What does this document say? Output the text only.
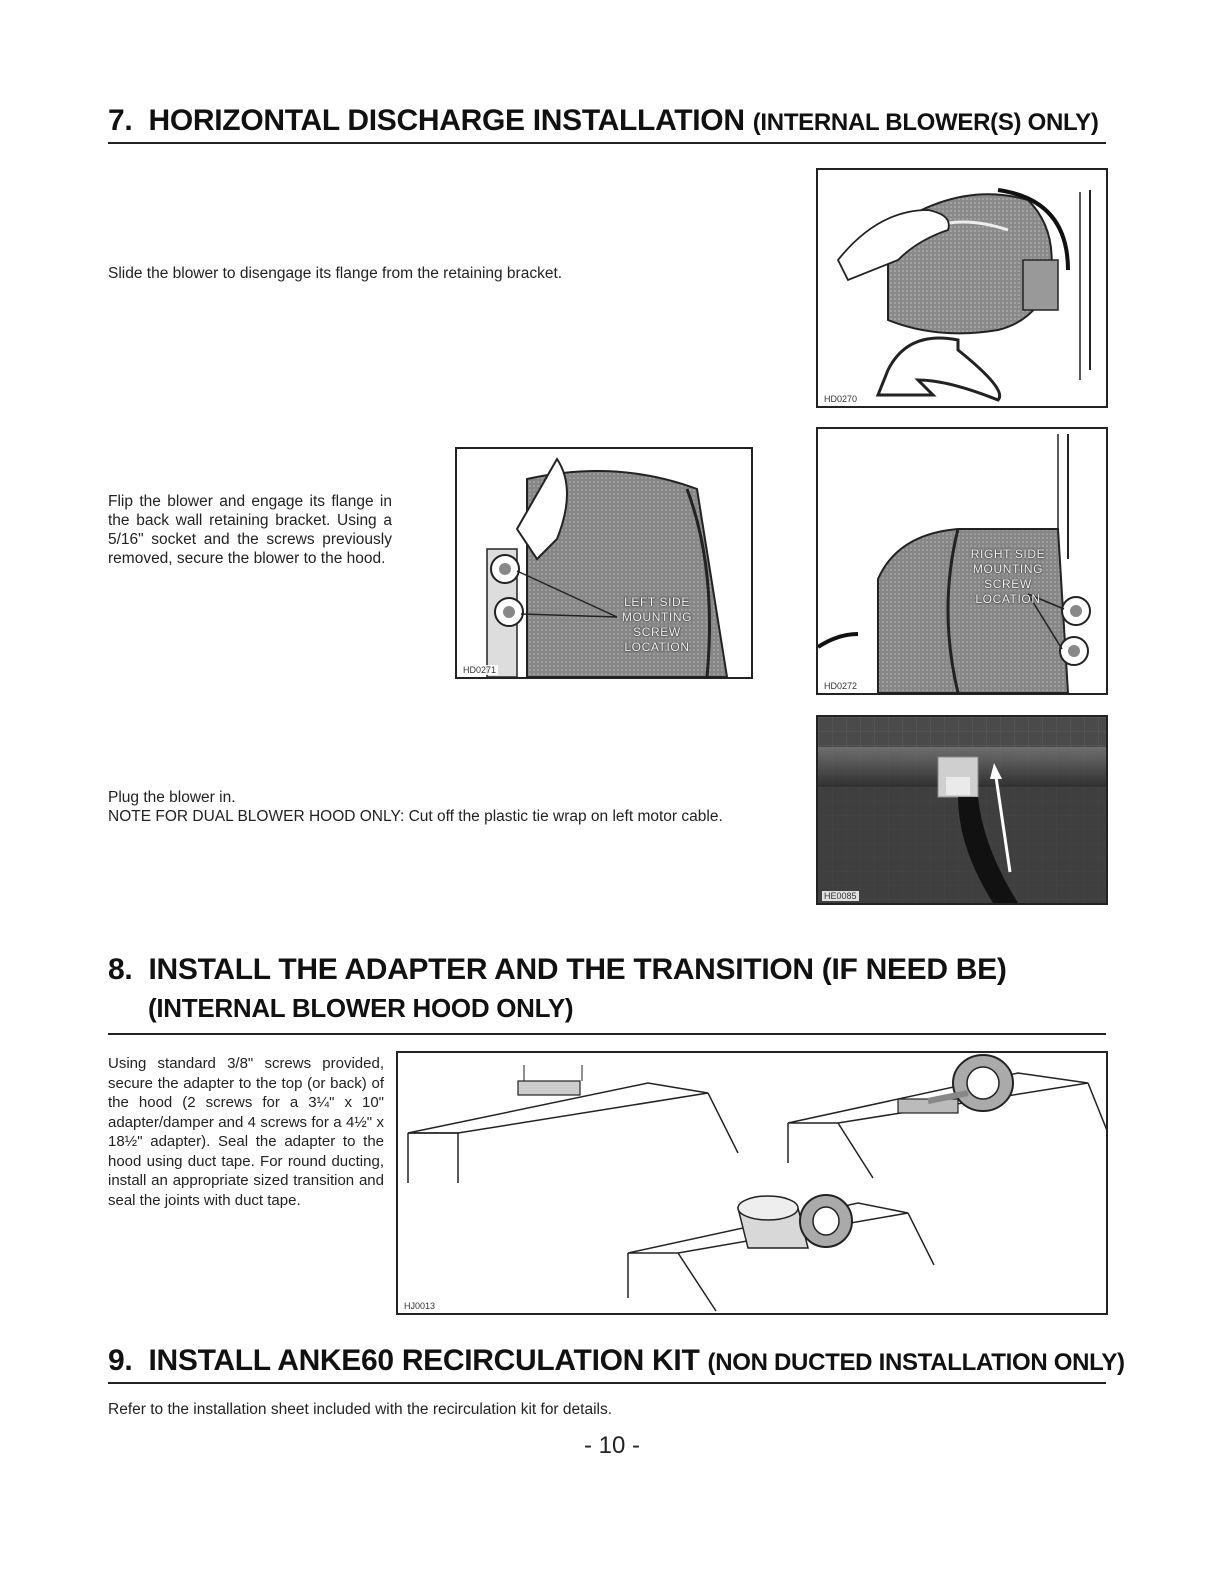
7. HORIZONTAL DISCHARGE INSTALLATION (INTERNAL BLOWER(S) ONLY)

Slide the blower to disengage its flange from the retaining bracket.

HD0270

Flip the blower and engage its flange in the back wall retaining bracket. Using a 5/16" socket and the screws previously removed, secure the blower to the hood.

LEFT SIDE
MOUNTING
SCREW
LOCATION
HD0271
RIGHT SIDE
MOUNTING
SCREW
LOCATION
HD0272

Plug the blower in.
NOTE FOR DUAL BLOWER HOOD ONLY: Cut off the plastic tie wrap on left motor cable.

HE0085
8. INSTALL THE ADAPTER AND THE TRANSITION (IF NEED BE)
(INTERNAL BLOWER HOOD ONLY)

Using standard 3/8" screws provided, secure the adapter to the top (or back) of the hood (2 screws for a 3¼" x 10" adapter/damper and 4 screws for a 4½" x 18½" adapter). Seal the adapter to the hood using duct tape. For round ducting, install an appropriate sized transition and seal the joints with duct tape.

HJ0013
9. INSTALL ANKE60 RECIRCULATION KIT (NON DUCTED INSTALLATION ONLY)

Refer to the installation sheet included with the recirculation kit for details.

- 10 -
